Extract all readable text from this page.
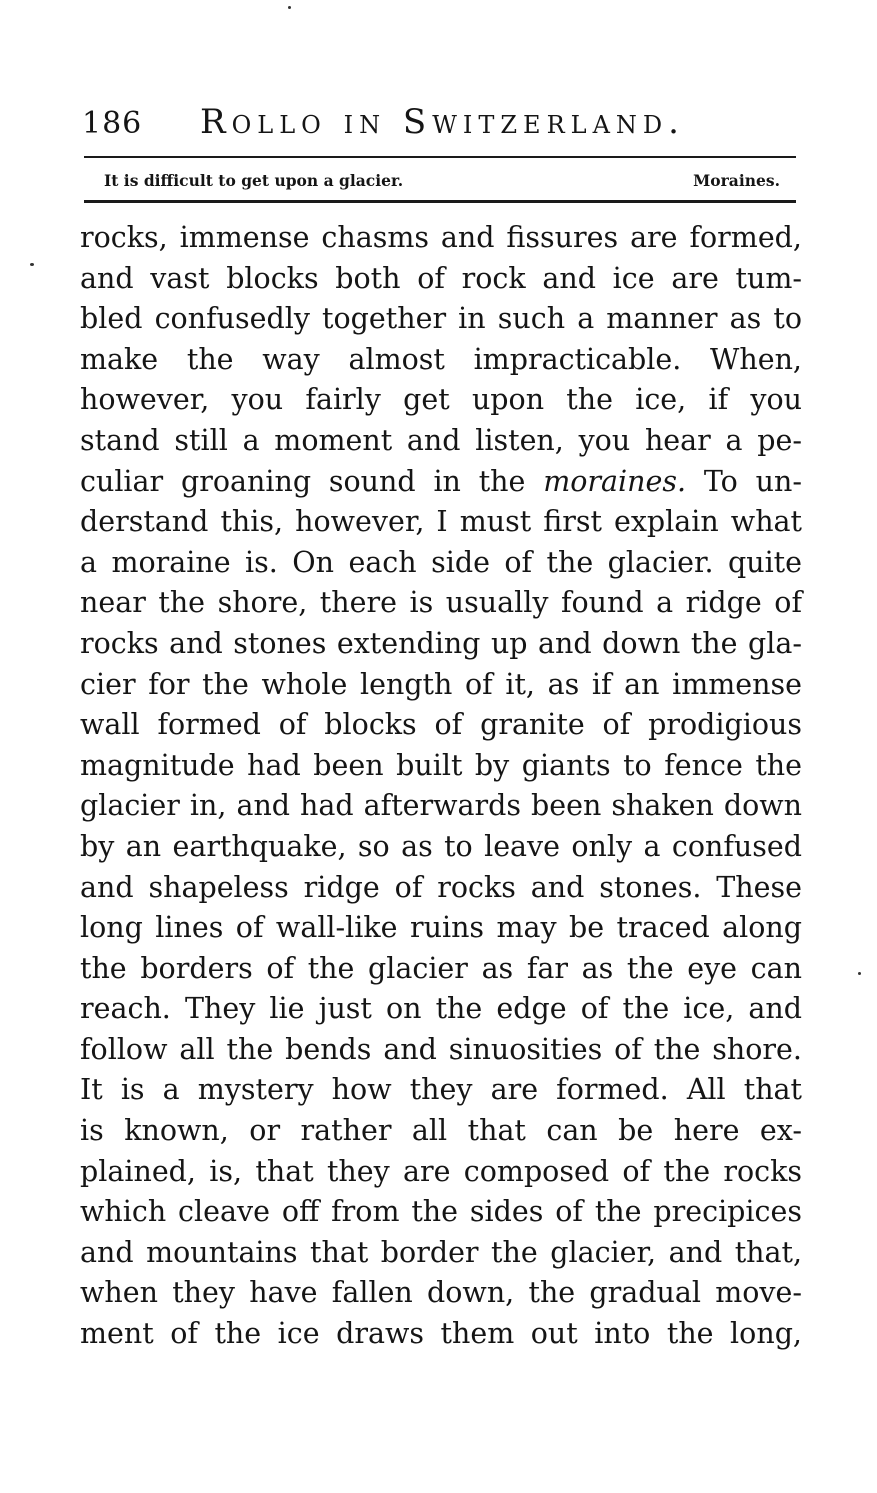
186 Rollo in Switzerland.
It is difficult to get upon a glacier.	Moraines.
rocks, immense chasms and fissures are formed,
and vast blocks both of rock and ice are tum-
bled confusedly together in such a manner as to
make the way almost impracticable. When,
however, you fairly get upon the ice, if you
stand still a moment and listen, you hear a pe-
culiar groaning sound in the moraines. To un-
derstand this, however, I must first explain what
a moraine is. On each side of the glacier. quite
near the shore, there is usually found a ridge of
rocks and stones extending up and down the gla-
cier for the whole length of it, as if an immense
wall formed of blocks of granite of prodigious
magnitude had been built by giants to fence the
glacier in, and had afterwards been shaken down
by an earthquake, so as to leave only a confused
and shapeless ridge of rocks and stones. These
long lines of wall-like ruins may be traced along
the borders of the glacier as far as the eye can
reach. They lie just on the edge of the ice, and
follow all the bends and sinuosities of the shore.
It is a mystery how they are formed. All that
is known, or rather all that can be here ex-
plained, is, that they are composed of the rocks
which cleave off from the sides of the precipices
and mountains that border the glacier, and that,
when they have fallen down, the gradual move-
ment of the ice draws them out into the long,
